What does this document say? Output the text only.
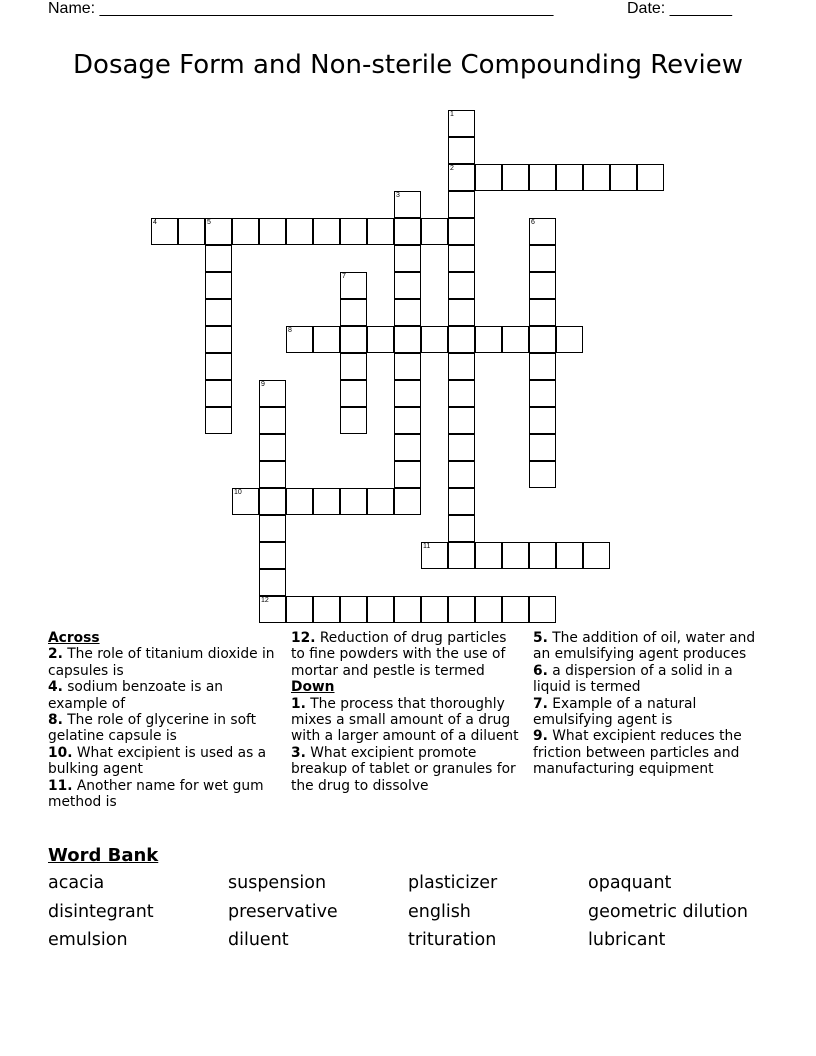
Name: ___________________________________________________	Date: _______
Dosage Form and Non-sterile Compounding Review
2
4	5
8
10
11
12
1
3
6
7
9

Across

2. The role of titanium dioxide in capsules is

4. sodium benzoate is an example of

8. The role of glycerine in soft gelatine capsule is

10. What excipient is used as a bulking agent

11. Another name for wet gum method is

12. Reduction of drug particles to fine powders with the use of mortar and pestle is termed

Down

1. The process that thoroughly mixes a small amount of a drug with a larger amount of a diluent

3. What excipient promote breakup of tablet or granules for the drug to dissolve

5. The addition of oil, water and an emulsifying agent produces

6. a dispersion of a solid in a liquid is termed

7. Example of a natural emulsifying agent is

9. What excipient reduces the friction between particles and manufacturing equipment

Word Bank
acacia	suspension	plasticizer	opaquant
disintegrant	preservative	english	geometric dilution
emulsion	diluent	trituration	lubricant
